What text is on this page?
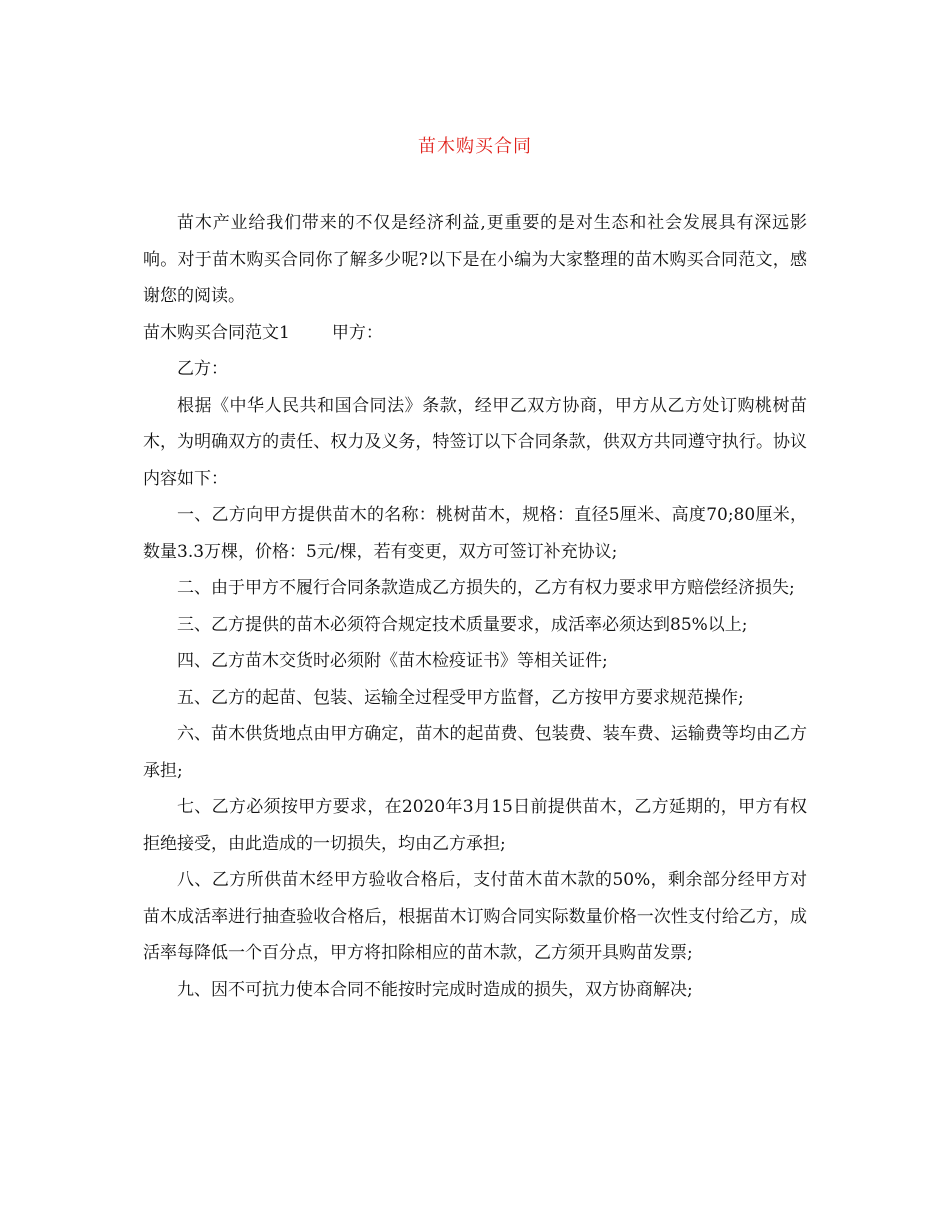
苗木购买合同

苗木产业给我们带来的不仅是经济利益,更重要的是对生态和社会发展具有深远影响。对于苗木购买合同你了解多少呢?以下是在小编为大家整理的苗木购买合同范文，感谢您的阅读。

苗木购买合同范文1 甲方：

乙方：

根据《中华人民共和国合同法》条款，经甲乙双方协商，甲方从乙方处订购桃树苗木，为明确双方的责任、权力及义务，特签订以下合同条款，供双方共同遵守执行。协议内容如下：

一、乙方向甲方提供苗木的名称：桃树苗木，规格：直径5厘米、高度70;80厘米，数量3.3万棵，价格：5元/棵，若有变更，双方可签订补充协议;

二、由于甲方不履行合同条款造成乙方损失的，乙方有权力要求甲方赔偿经济损失;

三、乙方提供的苗木必须符合规定技术质量要求，成活率必须达到85%以上;

四、乙方苗木交货时必须附《苗木检疫证书》等相关证件;

五、乙方的起苗、包装、运输全过程受甲方监督，乙方按甲方要求规范操作;

六、苗木供货地点由甲方确定，苗木的起苗费、包装费、装车费、运输费等均由乙方承担;

七、乙方必须按甲方要求，在2020年3月15日前提供苗木，乙方延期的，甲方有权拒绝接受，由此造成的一切损失，均由乙方承担;

八、乙方所供苗木经甲方验收合格后，支付苗木苗木款的50%，剩余部分经甲方对苗木成活率进行抽查验收合格后，根据苗木订购合同实际数量价格一次性支付给乙方，成活率每降低一个百分点，甲方将扣除相应的苗木款，乙方须开具购苗发票;

九、因不可抗力使本合同不能按时完成时造成的损失，双方协商解决;
